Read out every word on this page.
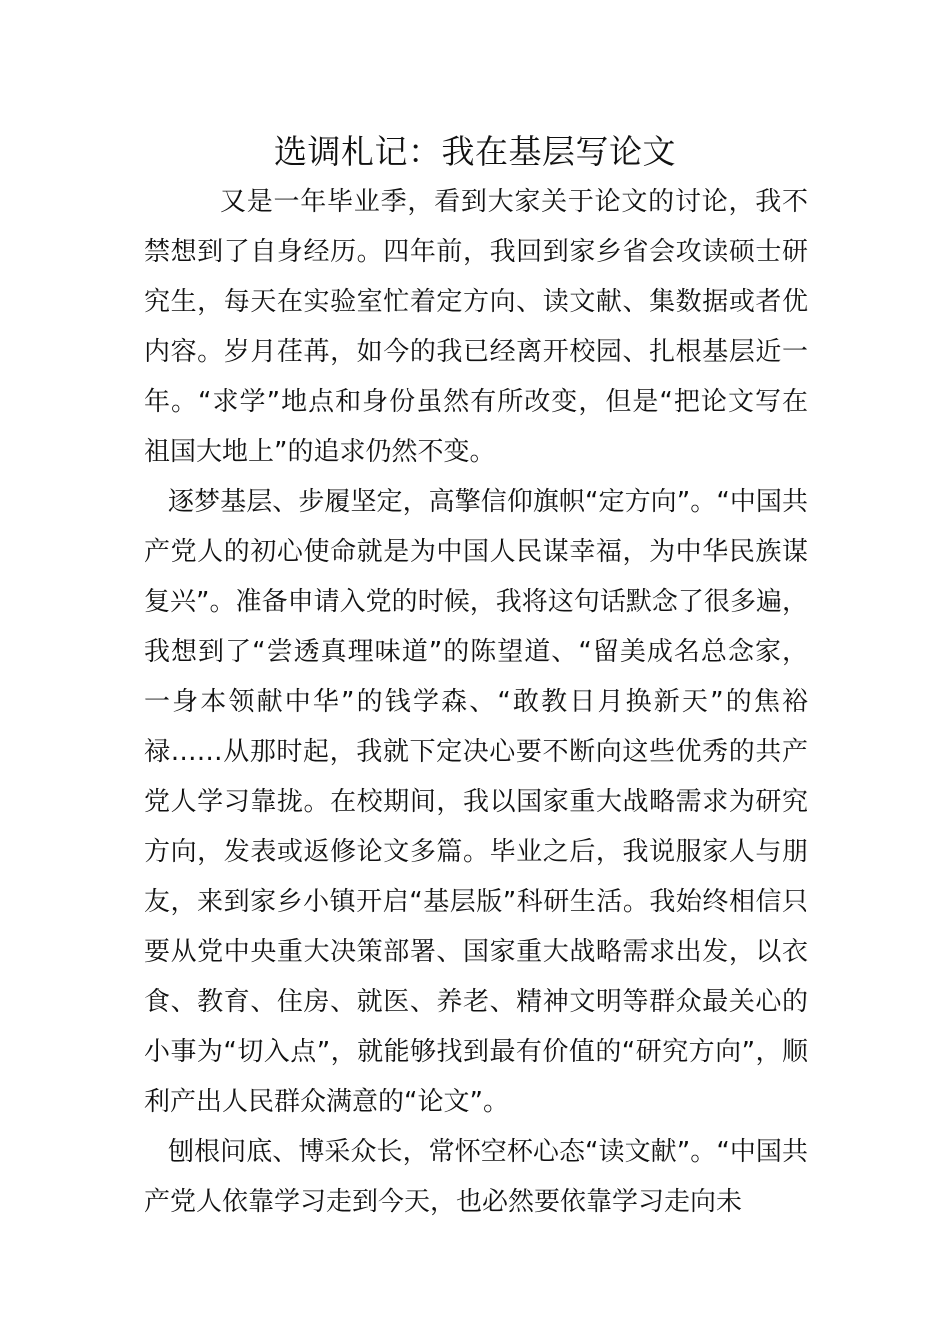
选调札记：我在基层写论文

又是一年毕业季，看到大家关于论文的讨论，我不禁想到了自身经历。四年前，我回到家乡省会攻读硕士研究生，每天在实验室忙着定方向、读文献、集数据或者优内容。岁月荏苒，如今的我已经离开校园、扎根基层近一年。“求学”地点和身份虽然有所改变，但是“把论文写在祖国大地上”的追求仍然不变。

逐梦基层、步履坚定，高擎信仰旗帜“定方向”。“中国共产党人的初心使命就是为中国人民谋幸福，为中华民族谋复兴”。准备申请入党的时候，我将这句话默念了很多遍，我想到了“尝透真理味道”的陈望道、“留美成名总念家，一身本领献中华”的钱学森、“敢教日月换新天”的焦裕禄……从那时起，我就下定决心要不断向这些优秀的共产党人学习靠拢。在校期间，我以国家重大战略需求为研究方向，发表或返修论文多篇。毕业之后，我说服家人与朋友，来到家乡小镇开启“基层版”科研生活。我始终相信只要从党中央重大决策部署、国家重大战略需求出发，以衣食、教育、住房、就医、养老、精神文明等群众最关心的小事为“切入点”，就能够找到最有价值的“研究方向”，顺利产出人民群众满意的“论文”。

刨根问底、博采众长，常怀空杯心态“读文献”。“中国共产党人依靠学习走到今天，也必然要依靠学习走向未
